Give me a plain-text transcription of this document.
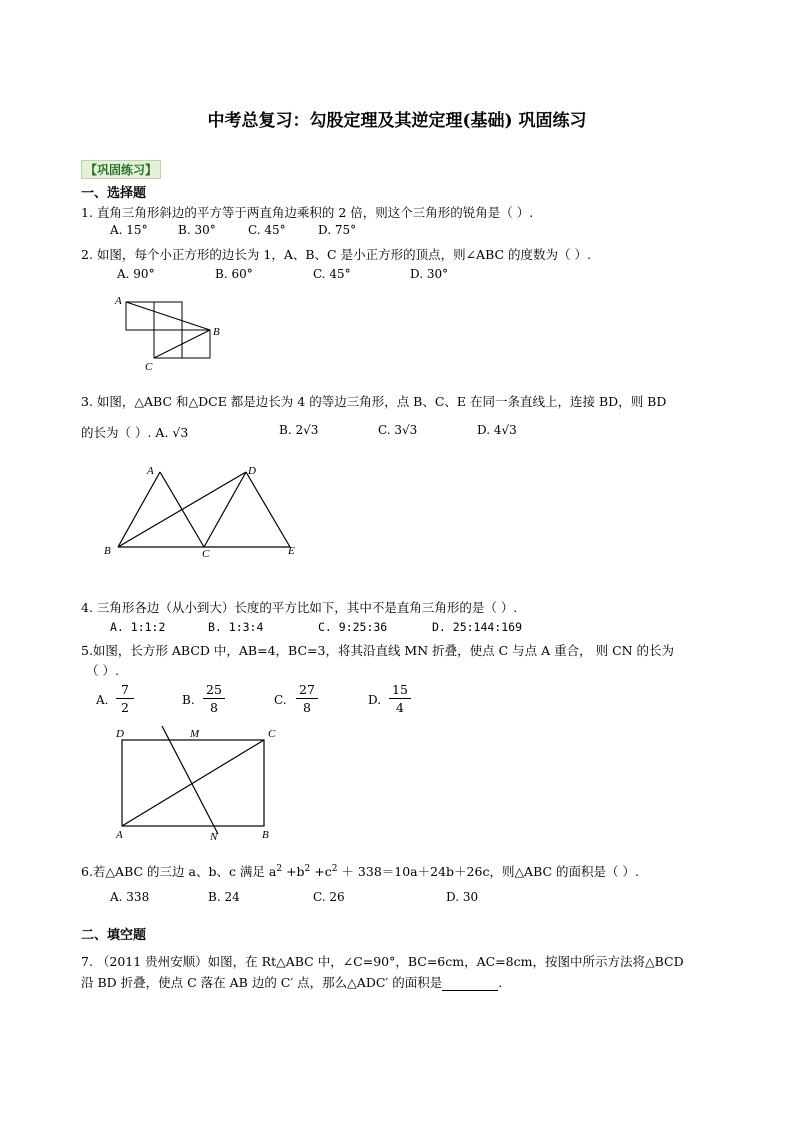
中考总复习：勾股定理及其逆定理(基础) 巩固练习
【巩固练习】
一、选择题
1. 直角三角形斜边的平方等于两直角边乘积的 2 倍，则这个三角形的锐角是（ ）.
A. 15°	B. 30°	C. 45°	D. 75°
2. 如图，每个小正方形的边长为 1，A、B、C 是小正方形的顶点，则∠ABC 的度数为（ ）.
A. 90°	B. 60°	C. 45°	D. 30°
A
B
C
3. 如图，△ABC 和△DCE 都是边长为 4 的等边三角形，点 B、C、E 在同一条直线上，连接 BD，则 BD
的长为（ ）. A. √3	B. 2√3	C. 3√3	D. 4√3
A	D
B	C	E
4. 三角形各边（从小到大）长度的平方比如下，其中不是直角三角形的是（ ）.
A. 1:1:2	B. 1:3:4	C. 9:25:36	D. 25:144:169
5.如图，长方形 ABCD 中，AB=4，BC=3，将其沿直线 MN 折叠，使点 C 与点 A 重合， 则 CN 的长为
（ ）.
A.
7
2	B.
25
8	C.
27
8	D.
15
4
D	M	C
A	N	B
6.若△ABC 的三边 a、b、c 满足 $a^2 +b^2 +c^2 + 338=10a+24b+26c$，则△ABC 的面积是（ ）.
A. 338	B. 24	C. 26	D. 30
二、填空题
7. （2011 贵州安顺）如图，在 Rt△ABC 中，∠C=90°，BC=6cm，AC=8cm，按图中所示方法将△BCD
沿 BD 折叠，使点 C 落在 AB 边的 C′ 点，那么△ADC′ 的面积是	.
